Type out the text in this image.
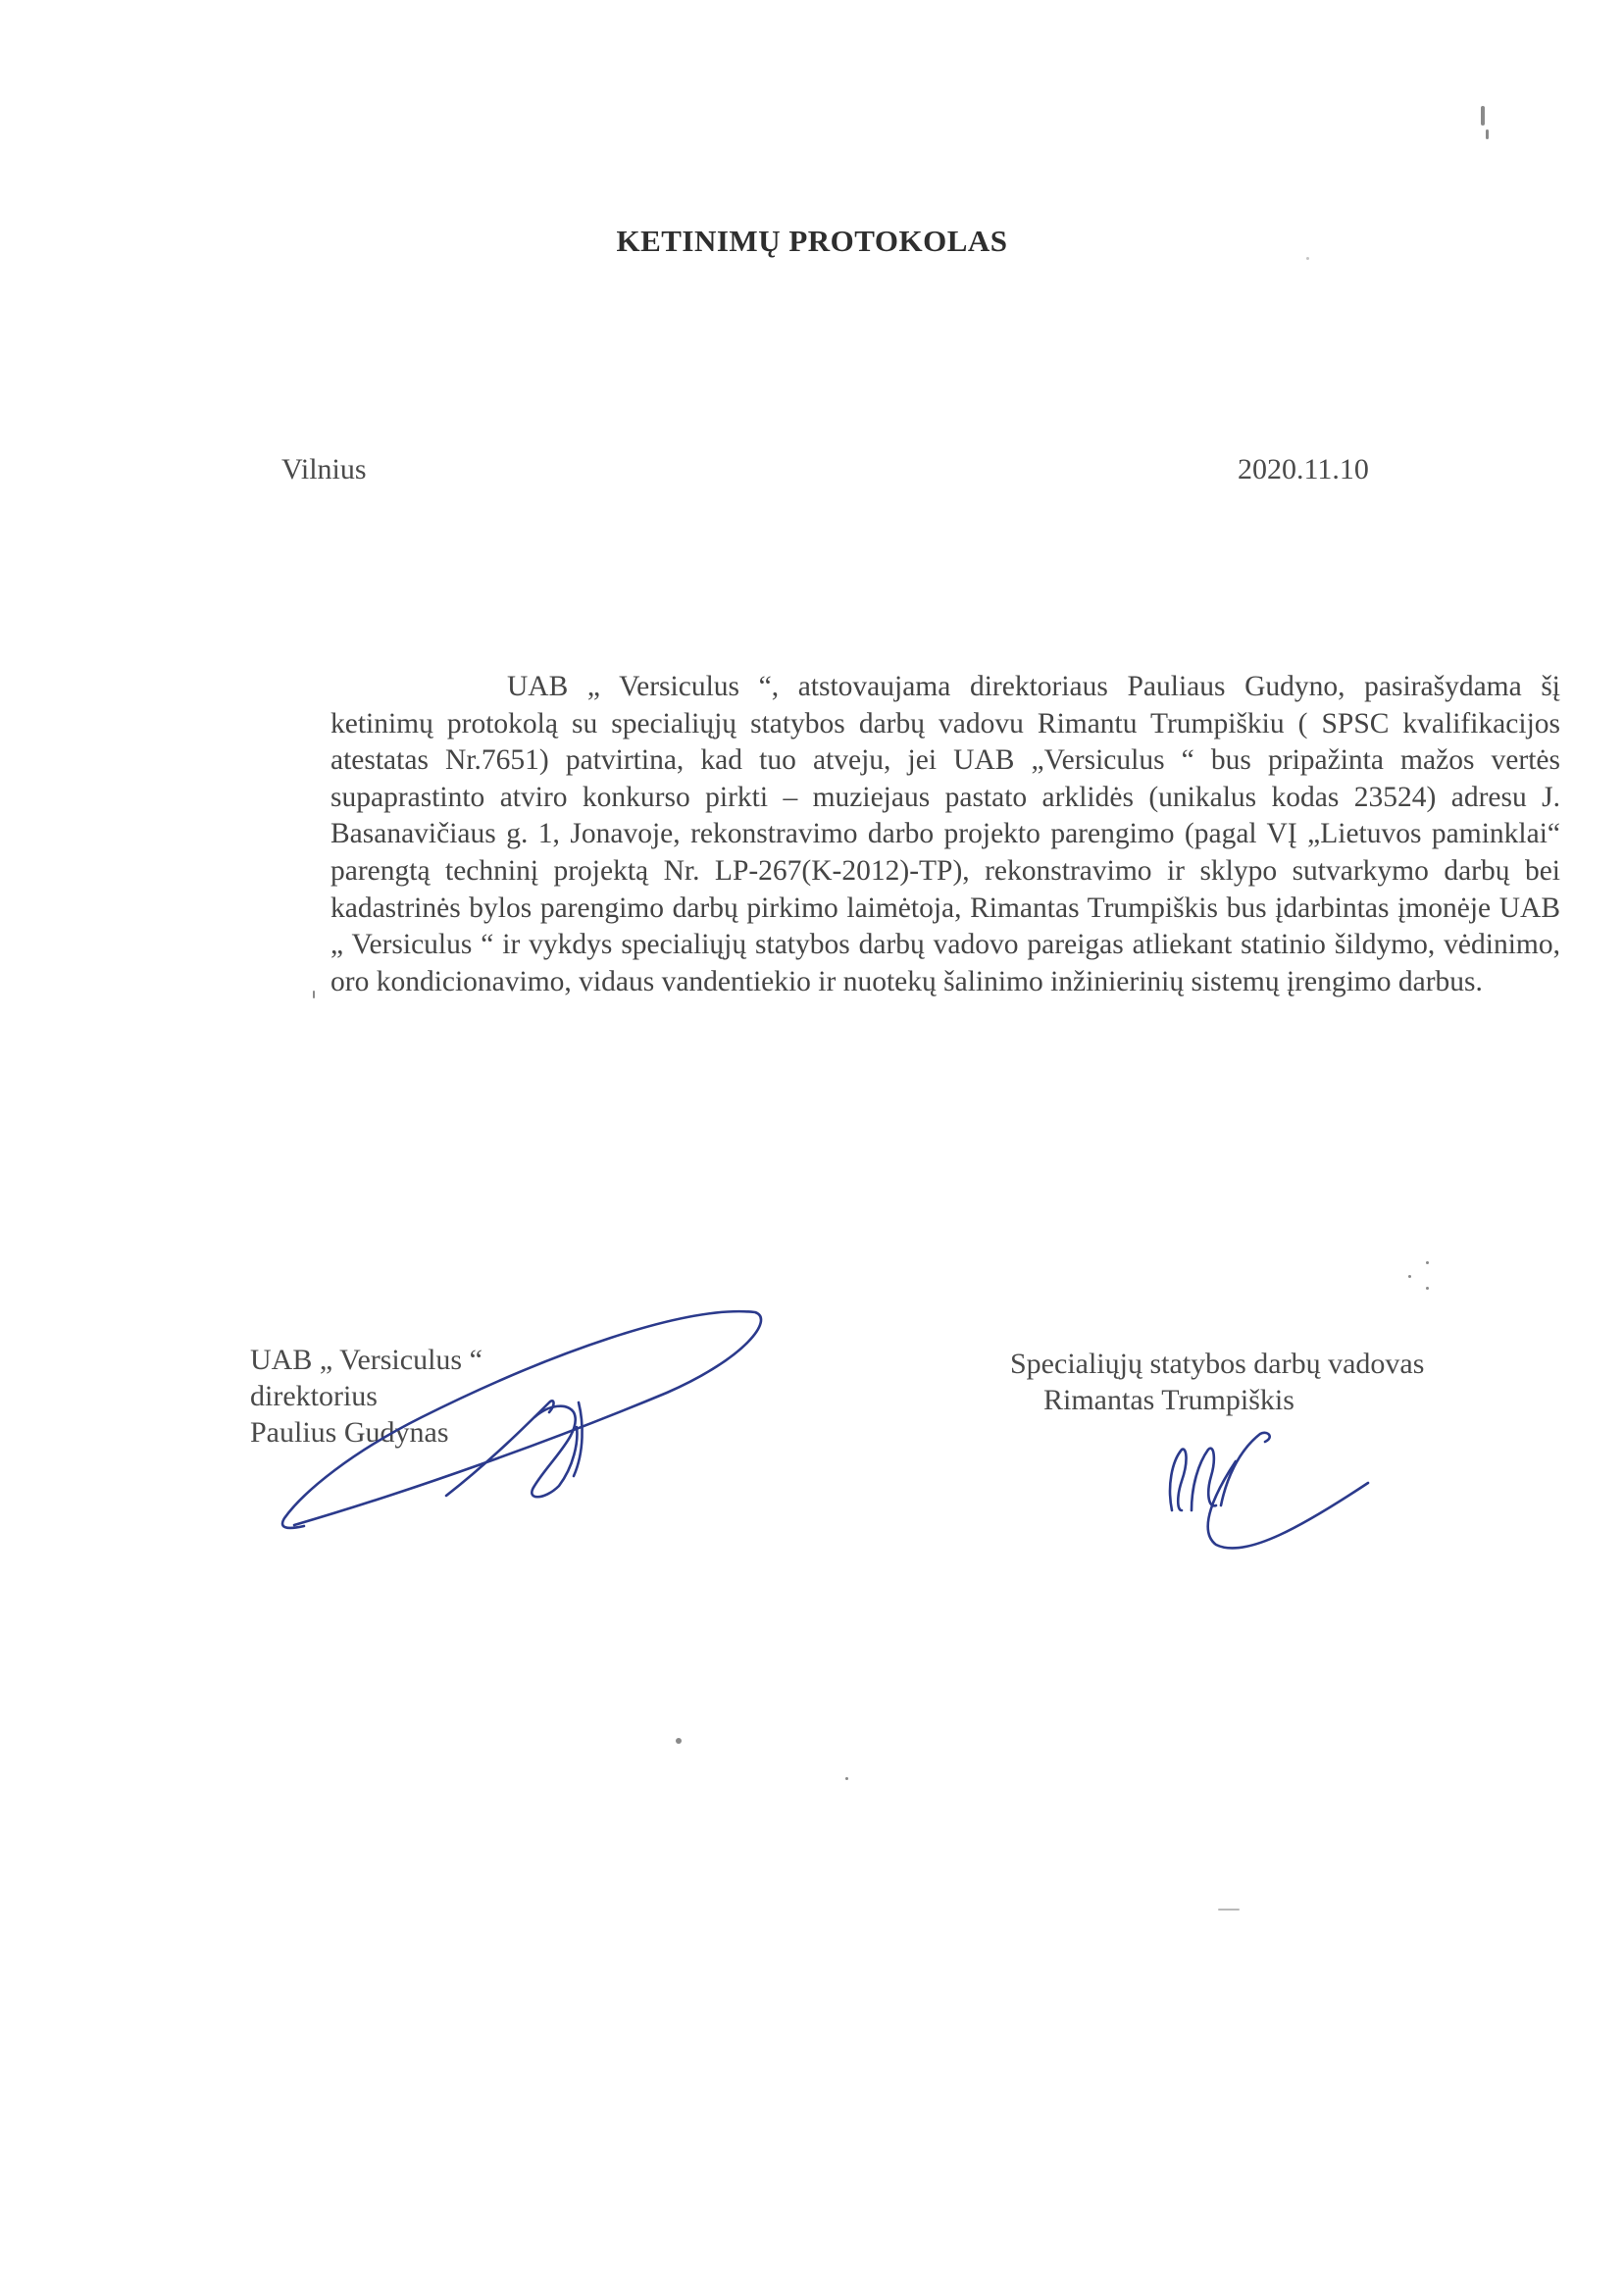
KETINIMŲ PROTOKOLAS
Vilnius	2020.11.10
UAB „ Versiculus “, atstovaujama direktoriaus Pauliaus Gudyno, pasirašydama šį ketinimų protokolą su specialiųjų statybos darbų vadovu Rimantu Trumpiškiu ( SPSC kvalifikacijos atestatas Nr.7651) patvirtina, kad tuo atveju, jei UAB „Versiculus “ bus pripažinta mažos vertės supaprastinto atviro konkurso pirkti – muziejaus pastato arklidės (unikalus kodas 23524) adresu J. Basanavičiaus g. 1, Jonavoje, rekonstravimo darbo projekto parengimo (pagal VĮ „Lietuvos paminklai“ parengtą techninį projektą Nr. LP-267(K-2012)-TP), rekonstravimo ir sklypo sutvarkymo darbų bei kadastrinės bylos parengimo darbų pirkimo laimėtoja, Rimantas Trumpiškis bus įdarbintas įmonėje UAB „ Versiculus “ ir vykdys specialiųjų statybos darbų vadovo pareigas atliekant statinio šildymo, vėdinimo, oro kondicionavimo, vidaus vandentiekio ir nuotekų šalinimo inžinierinių sistemų įrengimo darbus.
UAB „ Versiculus “
direktorius
Paulius Gudynas
Specialiųjų statybos darbų vadovas
Rimantas Trumpiškis
